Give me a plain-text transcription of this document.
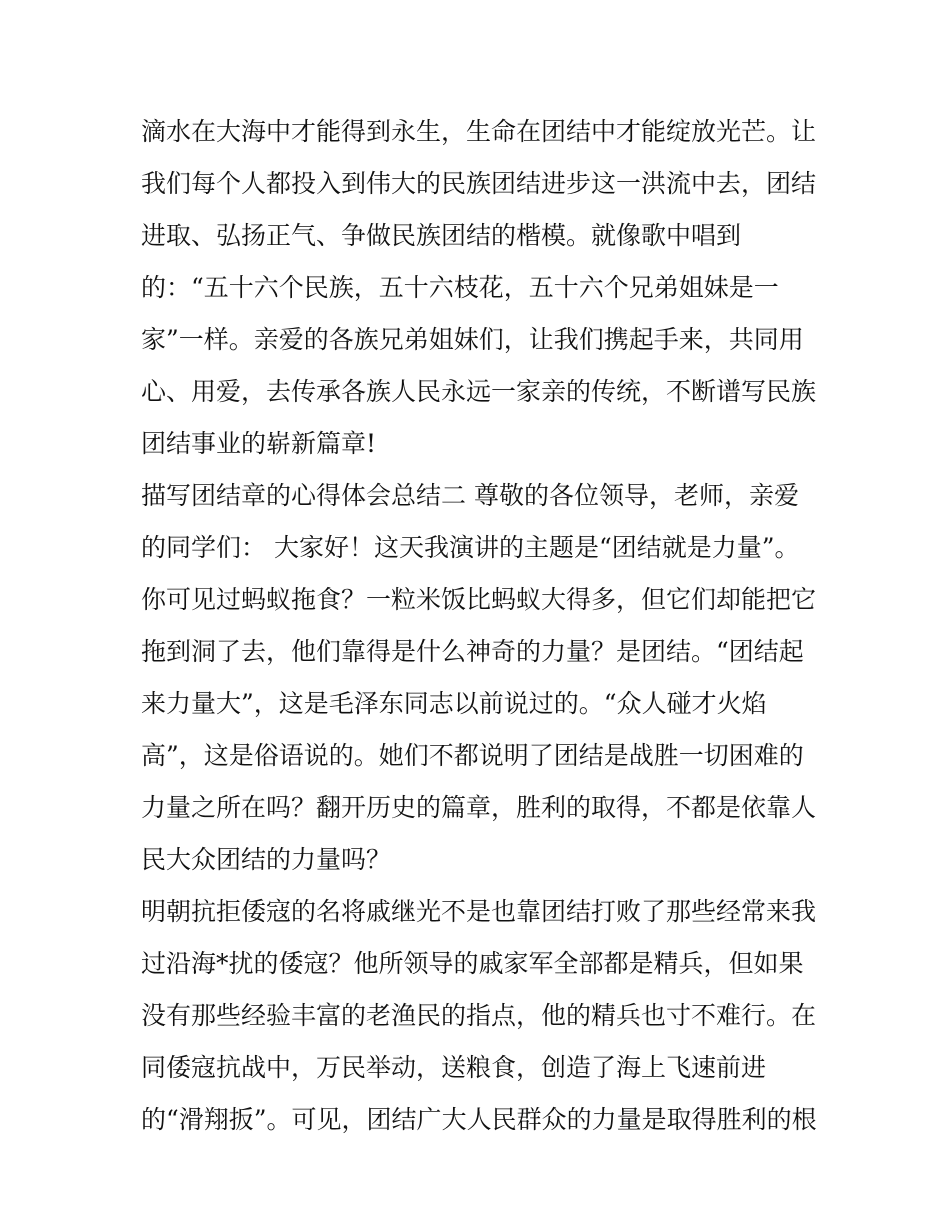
滴水在大海中才能得到永生，生命在团结中才能绽放光芒。让
我们每个人都投入到伟大的民族团结进步这一洪流中去，团结
进取、弘扬正气、争做民族团结的楷模。就像歌中唱到
的：“五十六个民族，五十六枝花，五十六个兄弟姐妹是一
家”一样。亲爱的各族兄弟姐妹们，让我们携起手来，共同用
心、用爱，去传承各族人民永远一家亲的传统，不断谱写民族
团结事业的崭新篇章!
描写团结章的心得体会总结二 尊敬的各位领导，老师，亲爱
的同学们： 大家好！这天我演讲的主题是“团结就是力量”。
你可见过蚂蚁拖食？一粒米饭比蚂蚁大得多，但它们却能把它
拖到洞了去，他们靠得是什么神奇的力量？是团结。“团结起
来力量大”，这是毛泽东同志以前说过的。“众人碰才火焰
高”，这是俗语说的。她们不都说明了团结是战胜一切困难的
力量之所在吗？翻开历史的篇章，胜利的取得，不都是依靠人
民大众团结的力量吗？
明朝抗拒倭寇的名将戚继光不是也靠团结打败了那些经常来我
过沿海*扰的倭寇？他所领导的戚家军全部都是精兵，但如果
没有那些经验丰富的老渔民的指点，他的精兵也寸不难行。在
同倭寇抗战中，万民举动，送粮食，创造了海上飞速前进
的“滑翔扳”。可见，团结广大人民群众的力量是取得胜利的根
